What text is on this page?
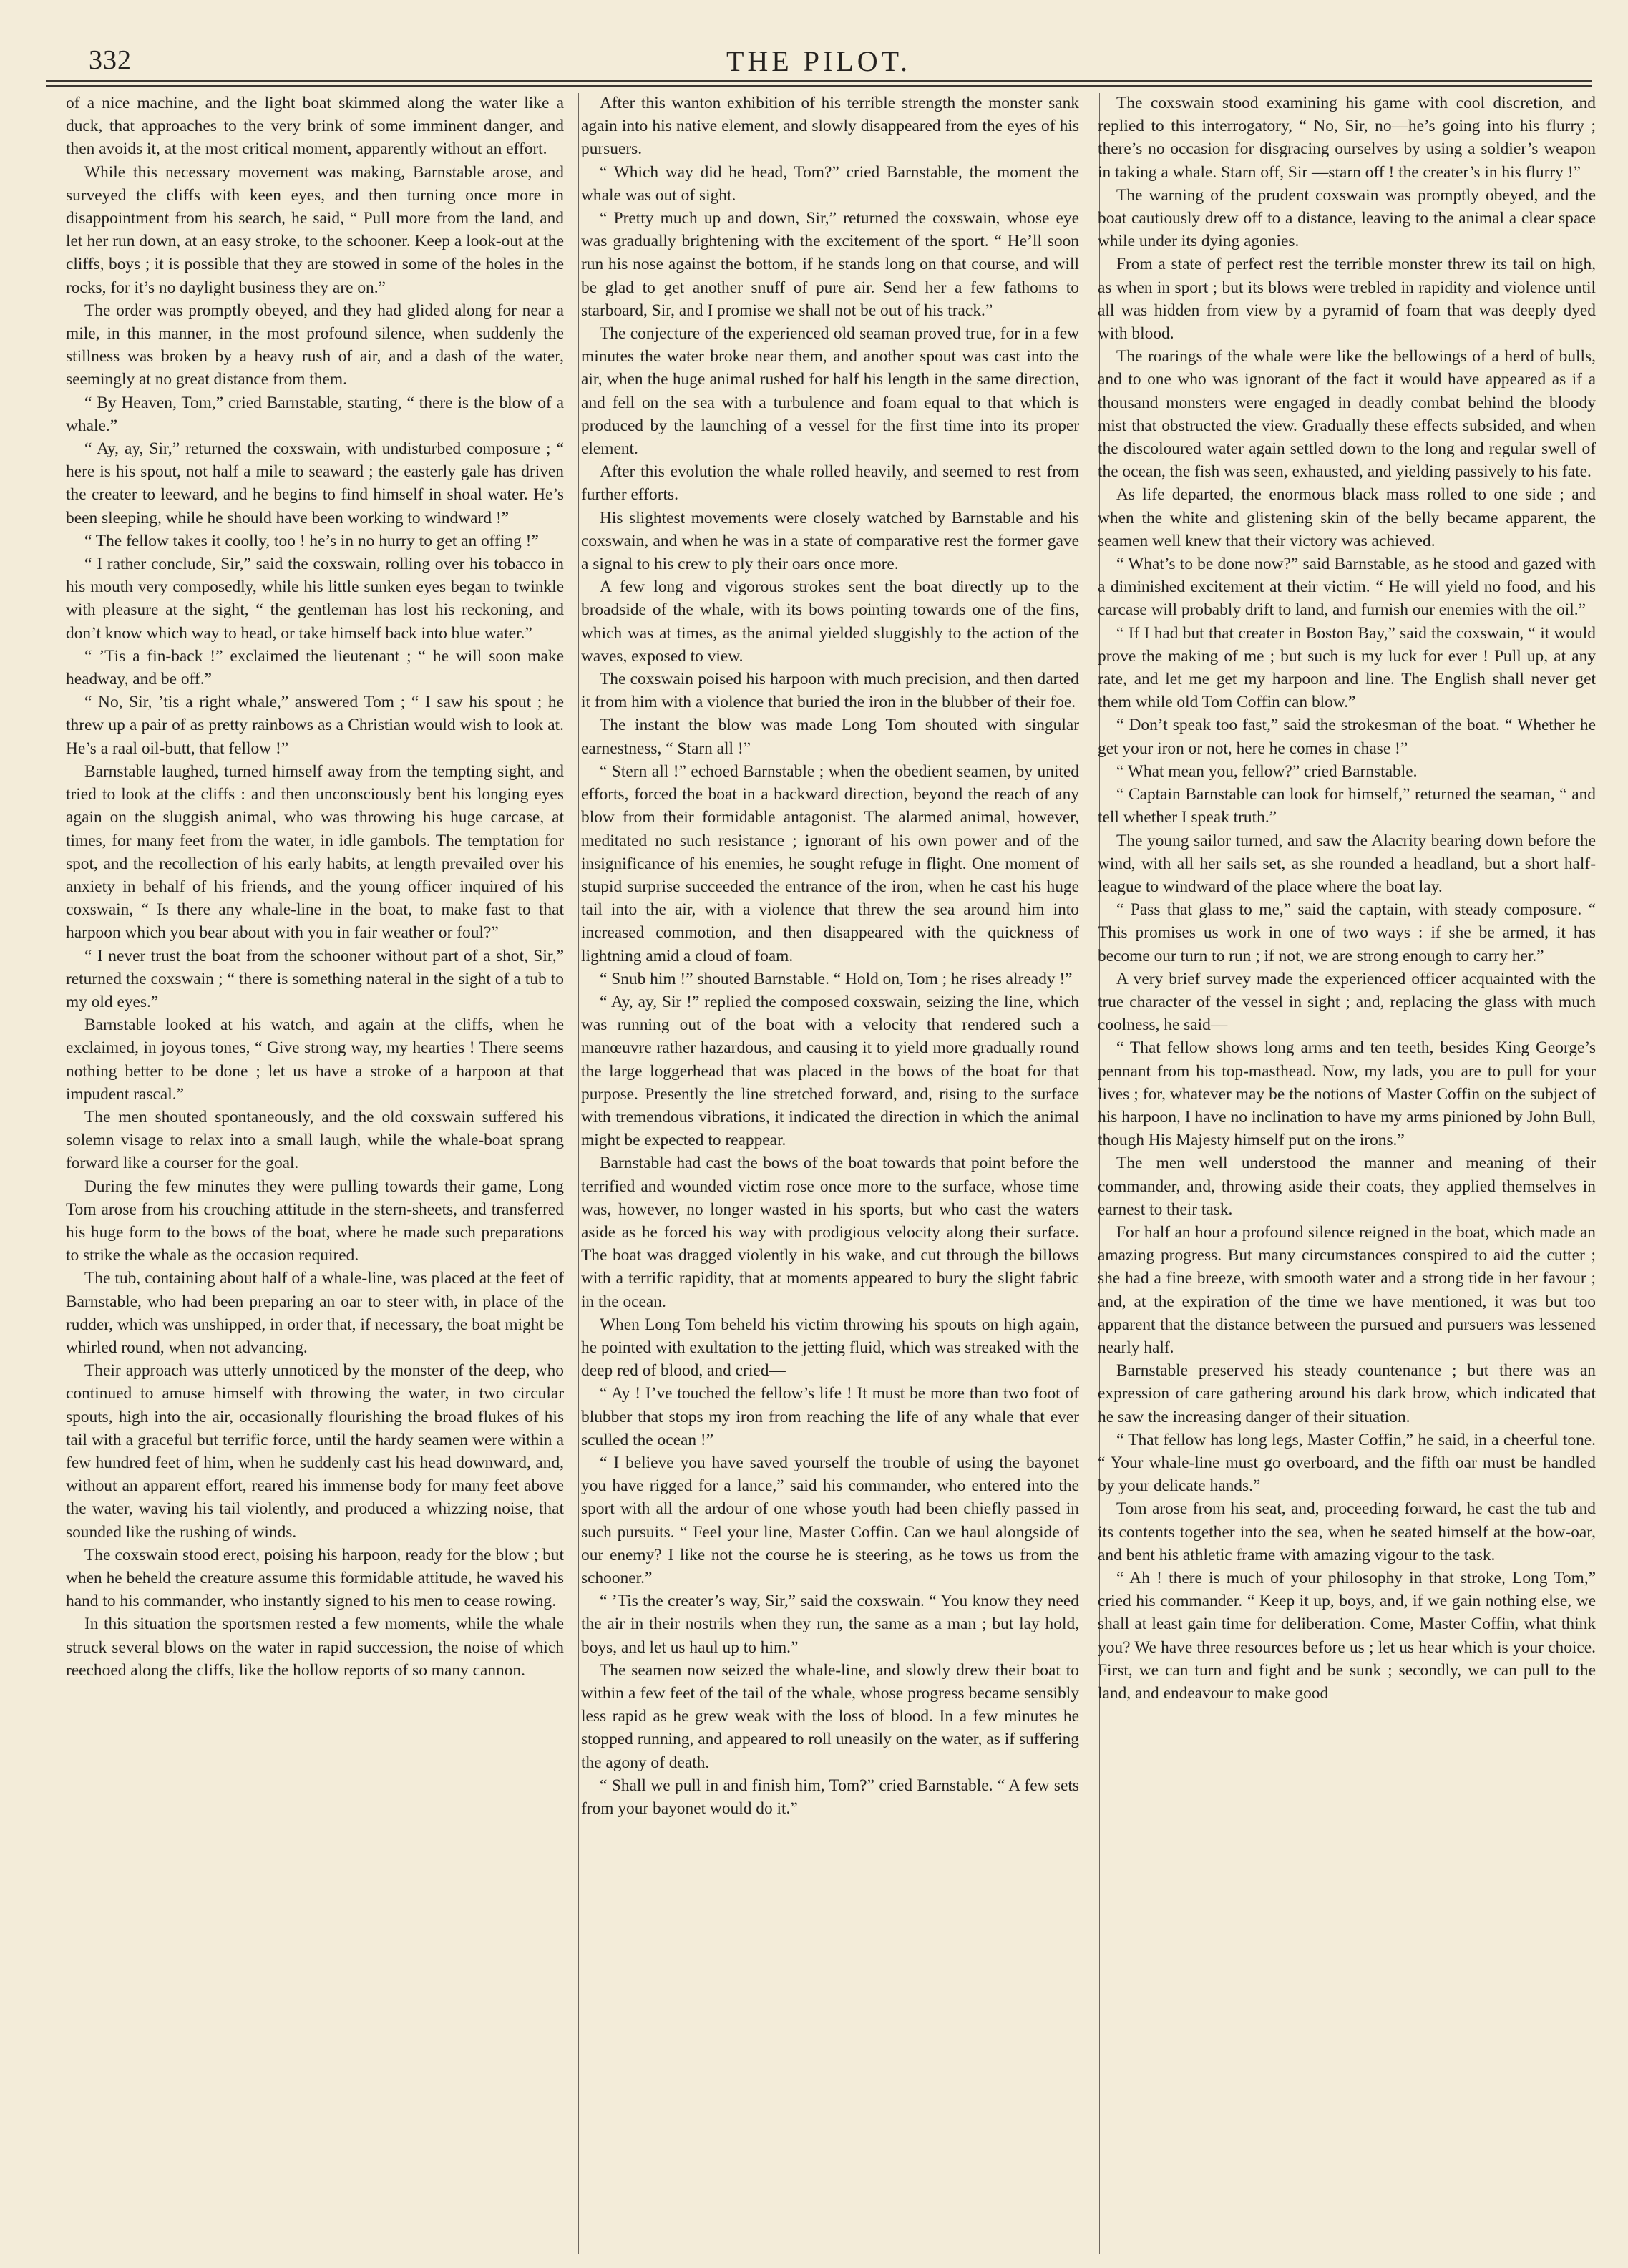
332	THE PILOT.

of a nice machine, and the light boat skimmed along the water like a duck, that approaches to the very brink of some imminent danger, and then avoids it, at the most critical moment, apparently without an effort.

While this necessary movement was making, Barnstable arose, and surveyed the cliffs with keen eyes, and then turning once more in disappointment from his search, he said, “ Pull more from the land, and let her run down, at an easy stroke, to the schooner. Keep a look-out at the cliffs, boys ; it is possible that they are stowed in some of the holes in the rocks, for it’s no daylight business they are on.”

The order was promptly obeyed, and they had glided along for near a mile, in this manner, in the most profound silence, when suddenly the stillness was broken by a heavy rush of air, and a dash of the water, seemingly at no great distance from them.

“ By Heaven, Tom,” cried Barnstable, starting, “ there is the blow of a whale.”

“ Ay, ay, Sir,” returned the coxswain, with undisturbed composure ; “ here is his spout, not half a mile to seaward ; the easterly gale has driven the creater to leeward, and he begins to find himself in shoal water. He’s been sleeping, while he should have been working to windward !”

“ The fellow takes it coolly, too ! he’s in no hurry to get an offing !”

“ I rather conclude, Sir,” said the coxswain, rolling over his tobacco in his mouth very composedly, while his little sunken eyes began to twinkle with pleasure at the sight, “ the gentleman has lost his reckoning, and don’t know which way to head, or take himself back into blue water.”

“ ’Tis a fin-back !” exclaimed the lieutenant ; “ he will soon make headway, and be off.”

“ No, Sir, ’tis a right whale,” answered Tom ; “ I saw his spout ; he threw up a pair of as pretty rainbows as a Christian would wish to look at. He’s a raal oil-butt, that fellow !”

Barnstable laughed, turned himself away from the tempting sight, and tried to look at the cliffs : and then unconsciously bent his longing eyes again on the sluggish animal, who was throwing his huge carcase, at times, for many feet from the water, in idle gambols. The temptation for spot, and the recollection of his early habits, at length prevailed over his anxiety in behalf of his friends, and the young officer inquired of his coxswain, “ Is there any whale-line in the boat, to make fast to that harpoon which you bear about with you in fair weather or foul?”

“ I never trust the boat from the schooner without part of a shot, Sir,” returned the coxswain ; “ there is something nateral in the sight of a tub to my old eyes.”

Barnstable looked at his watch, and again at the cliffs, when he exclaimed, in joyous tones, “ Give strong way, my hearties ! There seems nothing better to be done ; let us have a stroke of a harpoon at that impudent rascal.”

The men shouted spontaneously, and the old coxswain suffered his solemn visage to relax into a small laugh, while the whale-boat sprang forward like a courser for the goal.

During the few minutes they were pulling towards their game, Long Tom arose from his crouching attitude in the stern-sheets, and transferred his huge form to the bows of the boat, where he made such preparations to strike the whale as the occasion required.

The tub, containing about half of a whale-line, was placed at the feet of Barnstable, who had been preparing an oar to steer with, in place of the rudder, which was unshipped, in order that, if necessary, the boat might be whirled round, when not advancing.

Their approach was utterly unnoticed by the monster of the deep, who continued to amuse himself with throwing the water, in two circular spouts, high into the air, occasionally flourishing the broad flukes of his tail with a graceful but terrific force, until the hardy seamen were within a few hundred feet of him, when he suddenly cast his head downward, and, without an apparent effort, reared his immense body for many feet above the water, waving his tail violently, and produced a whizzing noise, that sounded like the rushing of winds.

The coxswain stood erect, poising his harpoon, ready for the blow ; but when he beheld the creature assume this formidable attitude, he waved his hand to his commander, who instantly signed to his men to cease rowing.

In this situation the sportsmen rested a few moments, while the whale struck several blows on the water in rapid succession, the noise of which reechoed along the cliffs, like the hollow reports of so many cannon.

After this wanton exhibition of his terrible strength the monster sank again into his native element, and slowly disappeared from the eyes of his pursuers.

“ Which way did he head, Tom?” cried Barnstable, the moment the whale was out of sight.

“ Pretty much up and down, Sir,” returned the coxswain, whose eye was gradually brightening with the excitement of the sport. “ He’ll soon run his nose against the bottom, if he stands long on that course, and will be glad to get another snuff of pure air. Send her a few fathoms to starboard, Sir, and I promise we shall not be out of his track.”

The conjecture of the experienced old seaman proved true, for in a few minutes the water broke near them, and another spout was cast into the air, when the huge animal rushed for half his length in the same direction, and fell on the sea with a turbulence and foam equal to that which is produced by the launching of a vessel for the first time into its proper element.

After this evolution the whale rolled heavily, and seemed to rest from further efforts.

His slightest movements were closely watched by Barnstable and his coxswain, and when he was in a state of comparative rest the former gave a signal to his crew to ply their oars once more.

A few long and vigorous strokes sent the boat directly up to the broadside of the whale, with its bows pointing towards one of the fins, which was at times, as the animal yielded sluggishly to the action of the waves, exposed to view.

The coxswain poised his harpoon with much precision, and then darted it from him with a violence that buried the iron in the blubber of their foe.

The instant the blow was made Long Tom shouted with singular earnestness, “ Starn all !”

“ Stern all !” echoed Barnstable ; when the obedient seamen, by united efforts, forced the boat in a backward direction, beyond the reach of any blow from their formidable antagonist. The alarmed animal, however, meditated no such resistance ; ignorant of his own power and of the insignificance of his enemies, he sought refuge in flight. One moment of stupid surprise succeeded the entrance of the iron, when he cast his huge tail into the air, with a violence that threw the sea around him into increased commotion, and then disappeared with the quickness of lightning amid a cloud of foam.

“ Snub him !” shouted Barnstable. “ Hold on, Tom ; he rises already !”

“ Ay, ay, Sir !” replied the composed coxswain, seizing the line, which was running out of the boat with a velocity that rendered such a manœuvre rather hazardous, and causing it to yield more gradually round the large loggerhead that was placed in the bows of the boat for that purpose. Presently the line stretched forward, and, rising to the surface with tremendous vibrations, it indicated the direction in which the animal might be expected to reappear.

Barnstable had cast the bows of the boat towards that point before the terrified and wounded victim rose once more to the surface, whose time was, however, no longer wasted in his sports, but who cast the waters aside as he forced his way with prodigious velocity along their surface. The boat was dragged violently in his wake, and cut through the billows with a terrific rapidity, that at moments appeared to bury the slight fabric in the ocean.

When Long Tom beheld his victim throwing his spouts on high again, he pointed with exultation to the jetting fluid, which was streaked with the deep red of blood, and cried—

“ Ay ! I’ve touched the fellow’s life ! It must be more than two foot of blubber that stops my iron from reaching the life of any whale that ever sculled the ocean !”

“ I believe you have saved yourself the trouble of using the bayonet you have rigged for a lance,” said his commander, who entered into the sport with all the ardour of one whose youth had been chiefly passed in such pursuits. “ Feel your line, Master Coffin. Can we haul alongside of our enemy? I like not the course he is steering, as he tows us from the schooner.”

“ ’Tis the creater’s way, Sir,” said the coxswain. “ You know they need the air in their nostrils when they run, the same as a man ; but lay hold, boys, and let us haul up to him.”

The seamen now seized the whale-line, and slowly drew their boat to within a few feet of the tail of the whale, whose progress became sensibly less rapid as he grew weak with the loss of blood. In a few minutes he stopped running, and appeared to roll uneasily on the water, as if suffering the agony of death.

“ Shall we pull in and finish him, Tom?” cried Barnstable. “ A few sets from your bayonet would do it.”

The coxswain stood examining his game with cool discretion, and replied to this interrogatory, “ No, Sir, no—he’s going into his flurry ; there’s no occasion for disgracing ourselves by using a soldier’s weapon in taking a whale. Starn off, Sir —starn off ! the creater’s in his flurry !”

The warning of the prudent coxswain was promptly obeyed, and the boat cautiously drew off to a distance, leaving to the animal a clear space while under its dying agonies.

From a state of perfect rest the terrible monster threw its tail on high, as when in sport ; but its blows were trebled in rapidity and violence until all was hidden from view by a pyramid of foam that was deeply dyed with blood.

The roarings of the whale were like the bellowings of a herd of bulls, and to one who was ignorant of the fact it would have appeared as if a thousand monsters were engaged in deadly combat behind the bloody mist that obstructed the view. Gradually these effects subsided, and when the discoloured water again settled down to the long and regular swell of the ocean, the fish was seen, exhausted, and yielding passively to his fate.

As life departed, the enormous black mass rolled to one side ; and when the white and glistening skin of the belly became apparent, the seamen well knew that their victory was achieved.

“ What’s to be done now?” said Barnstable, as he stood and gazed with a diminished excitement at their victim. “ He will yield no food, and his carcase will probably drift to land, and furnish our enemies with the oil.”

“ If I had but that creater in Boston Bay,” said the coxswain, “ it would prove the making of me ; but such is my luck for ever ! Pull up, at any rate, and let me get my harpoon and line. The English shall never get them while old Tom Coffin can blow.”

“ Don’t speak too fast,” said the strokesman of the boat. “ Whether he get your iron or not, here he comes in chase !”

“ What mean you, fellow?” cried Barnstable.

“ Captain Barnstable can look for himself,” returned the seaman, “ and tell whether I speak truth.”

The young sailor turned, and saw the Alacrity bearing down before the wind, with all her sails set, as she rounded a headland, but a short half-league to windward of the place where the boat lay.

“ Pass that glass to me,” said the captain, with steady composure. “ This promises us work in one of two ways : if she be armed, it has become our turn to run ; if not, we are strong enough to carry her.”

A very brief survey made the experienced officer acquainted with the true character of the vessel in sight ; and, replacing the glass with much coolness, he said—

“ That fellow shows long arms and ten teeth, besides King George’s pennant from his top-masthead. Now, my lads, you are to pull for your lives ; for, whatever may be the notions of Master Coffin on the subject of his harpoon, I have no inclination to have my arms pinioned by John Bull, though His Majesty himself put on the irons.”

The men well understood the manner and meaning of their commander, and, throwing aside their coats, they applied themselves in earnest to their task.

For half an hour a profound silence reigned in the boat, which made an amazing progress. But many circumstances conspired to aid the cutter ; she had a fine breeze, with smooth water and a strong tide in her favour ; and, at the expiration of the time we have mentioned, it was but too apparent that the distance between the pursued and pursuers was lessened nearly half.

Barnstable preserved his steady countenance ; but there was an expression of care gathering around his dark brow, which indicated that he saw the increasing danger of their situation.

“ That fellow has long legs, Master Coffin,” he said, in a cheerful tone. “ Your whale-line must go overboard, and the fifth oar must be handled by your delicate hands.”

Tom arose from his seat, and, proceeding forward, he cast the tub and its contents together into the sea, when he seated himself at the bow-oar, and bent his athletic frame with amazing vigour to the task.

“ Ah ! there is much of your philosophy in that stroke, Long Tom,” cried his commander. “ Keep it up, boys, and, if we gain nothing else, we shall at least gain time for deliberation. Come, Master Coffin, what think you? We have three resources before us ; let us hear which is your choice. First, we can turn and fight and be sunk ; secondly, we can pull to the land, and endeavour to make good
